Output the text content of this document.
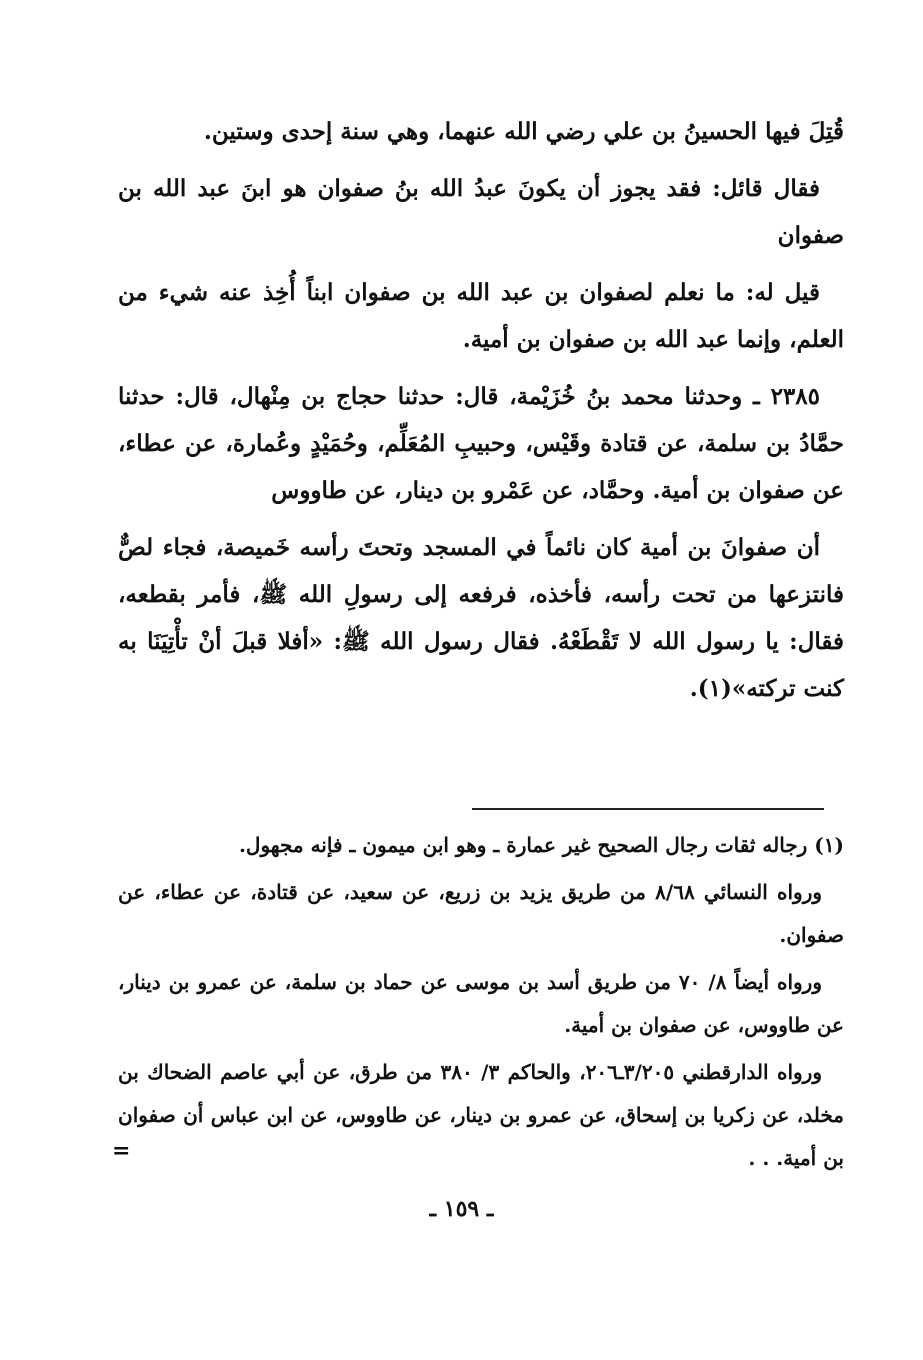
قُتِلَ فيها الحسينُ بن علي رضي الله عنهما، وهي سنة إحدى وستين.

فقال قائل: فقد يجوز أن يكونَ عبدُ الله بنُ صفوان هو ابنَ عبد الله بن صفوان

قيل له: ما نعلم لصفوان بن عبد الله بن صفوان ابناً أُخِذ عنه شيء من العلم، وإنما عبد الله بن صفوان بن أمية.

٢٣٨٥ ـ وحدثنا محمد بنُ خُزَيْمة، قال: حدثنا حجاج بن مِنْهال، قال: حدثنا حمَّادُ بن سلمة، عن قتادة وقَيْس، وحبيبِ المُعَلِّم، وحُمَيْدٍ وعُمارة، عن عطاء، عن صفوان بن أمية. وحمَّاد، عن عَمْرو بن دينار، عن طاووس

أن صفوانَ بن أمية كان نائماً في المسجد وتحتَ رأسه خَميصة، فجاء لصٌّ فانتزعها من تحت رأسه، فأخذه، فرفعه إلى رسولِ الله ﷺ، فأمر بقطعه، فقال: يا رسول الله لا تَقْطَعْهُ. فقال رسول الله ﷺ: «أفلا قبلَ أنْ تأْتِيَنَا به كنت تركته»(١).

(١) رجاله ثقات رجال الصحيح غير عمارة ـ وهو ابن ميمون ـ فإنه مجهول.

ورواه النسائي ٨/٦٨ من طريق يزيد بن زريع، عن سعيد، عن قتادة، عن عطاء، عن صفوان.

ورواه أيضاً ٨/ ٧٠ من طريق أسد بن موسى عن حماد بن سلمة، عن عمرو بن دينار، عن طاووس، عن صفوان بن أمية.

ورواه الدارقطني ٣/٢٠٥ـ٢٠٦، والحاكم ٣/ ٣٨٠ من طرق، عن أبي عاصم الضحاك بن مخلد، عن زكريا بن إسحاق، عن عمرو بن دينار، عن طاووس، عن ابن عباس أن صفوان بن أمية. . .

=
ـ ١٥٩ ـ
